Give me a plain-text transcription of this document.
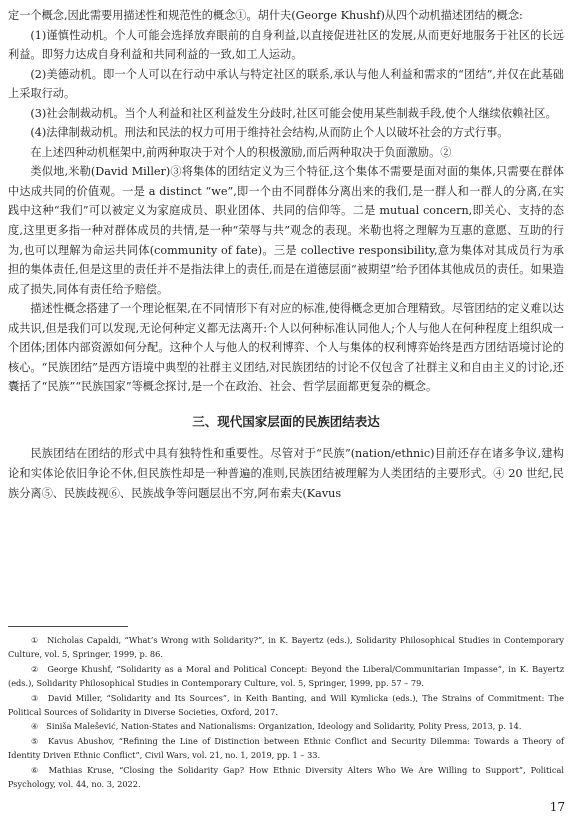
定一个概念,因此需要用描述性和规范性的概念①。胡什夫(George Khushf)从四个动机描述团结的概念:

(1)谨慎性动机。个人可能会选择放弃眼前的自身利益,以直接促进社区的发展,从而更好地服务于社区的长远利益。即努力达成自身利益和共同利益的一致,如工人运动。

(2)美德动机。即一个人可以在行动中承认与特定社区的联系,承认与他人利益和需求的“团结”,并仅在此基础上采取行动。

(3)社会制裁动机。当个人利益和社区利益发生分歧时,社区可能会使用某些制裁手段,使个人继续依赖社区。

(4)法律制裁动机。刑法和民法的权力可用于维持社会结构,从而防止个人以破坏社会的方式行事。

在上述四种动机框架中,前两种取决于对个人的积极激励,而后两种取决于负面激励。②

类似地,米勒(David Miller)③将集体的团结定义为三个特征,这个集体不需要是面对面的集体,只需要在群体中达成共同的价值观。一是 a distinct “we”,即一个由不同群体分离出来的我们,是一群人和一群人的分离,在实践中这种“我们”可以被定义为家庭成员、职业团体、共同的信仰等。二是 mutual concern,即关心、支持的态度,这里更多指一种对群体成员的共情,是一种“荣辱与共”观念的表现。米勒也将之理解为互惠的意愿、互助的行为,也可以理解为命运共同体(community of fate)。三是 collective responsibility,意为集体对其成员行为承担的集体责任,但是这里的责任并不是指法律上的责任,而是在道德层面“被期望”给予团体其他成员的责任。如果造成了损失,同体有责任给予赔偿。

描述性概念搭建了一个理论框架,在不同情形下有对应的标准,使得概念更加合理精致。尽管团结的定义难以达成共识,但是我们可以发现,无论何种定义都无法离开:个人以何种标准认同他人;个人与他人在何种程度上组织成一个团体;团体内部资源如何分配。这种个人与他人的权利博弈、个人与集体的权利博弈始终是西方团结语境讨论的核心。“民族团结”是西方语境中典型的社群主义团结,对民族团结的讨论不仅包含了社群主义和自由主义的讨论,还囊括了“民族”“民族国家”等概念探讨,是一个在政治、社会、哲学层面都更复杂的概念。

三、现代国家层面的民族团结表达

民族团结在团结的形式中具有独特性和重要性。尽管对于“民族”(nation/ethnic)目前还存在诸多争议,建构论和实体论依旧争论不休,但民族性却是一种普遍的准则,民族团结被理解为人类团结的主要形式。④ 20 世纪,民族分离⑤、民族歧视⑥、民族战争等问题层出不穷,阿布索夫(Kavus

① Nicholas Capaldi, “What’s Wrong with Solidarity?”, in K. Bayertz (eds.), Solidarity Philosophical Studies in Contemporary Culture, vol. 5, Springer, 1999, p. 86.

② George Khushf, “Solidarity as a Moral and Political Concept: Beyond the Liberal/Communitarian Impasse”, in K. Bayertz (eds.), Solidarity Philosophical Studies in Contemporary Culture, vol. 5, Springer, 1999, pp. 57 – 79.

③ David Miller, “Solidarity and Its Sources”, in Keith Banting, and Will Kymlicka (eds.), The Strains of Commitment: The Political Sources of Solidarity in Diverse Societies, Oxford, 2017.

④ Siniša Malešević, Nation-States and Nationalisms: Organization, Ideology and Solidarity, Polity Press, 2013, p. 14.

⑤ Kavus Abushov, “Refining the Line of Distinction between Ethnic Conflict and Security Dilemma: Towards a Theory of Identity Driven Ethnic Conflict”, Civil Wars, vol. 21, no. 1, 2019, pp. 1 – 33.

⑥ Mathias Kruse, “Closing the Solidarity Gap? How Ethnic Diversity Alters Who We Are Willing to Support”, Political Psychology, vol. 44, no. 3, 2022.

17
